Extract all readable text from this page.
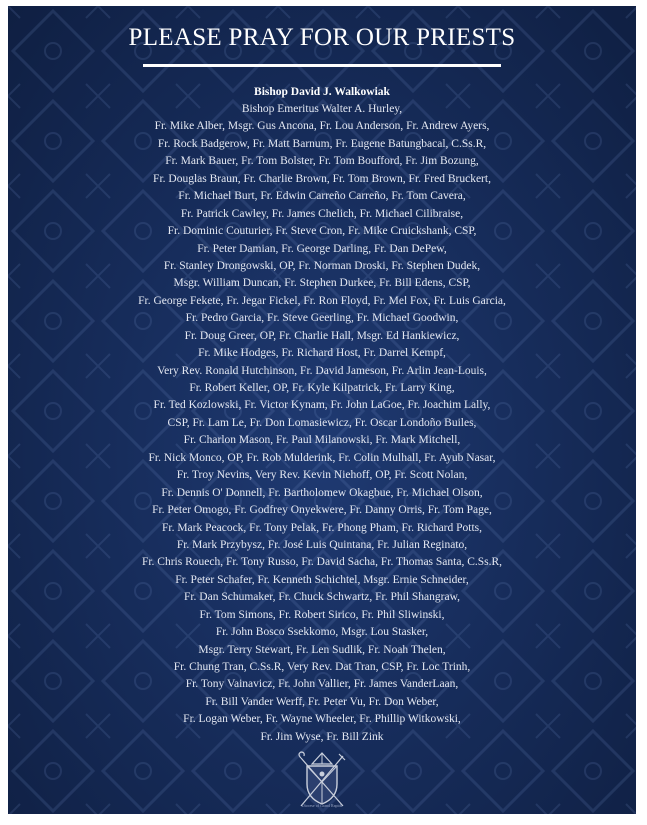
PLEASE PRAY FOR OUR PRIESTS
Bishop David J. Walkowiak
Bishop Emeritus Walter A. Hurley,
Fr. Mike Alber, Msgr. Gus Ancona, Fr. Lou Anderson, Fr. Andrew Ayers,
Fr. Rock Badgerow, Fr. Matt Barnum, Fr. Eugene Batungbacal, C.Ss.R,
Fr. Mark Bauer, Fr. Tom Bolster, Fr. Tom Boufford, Fr. Jim Bozung,
Fr. Douglas Braun, Fr. Charlie Brown, Fr. Tom Brown, Fr. Fred Bruckert,
Fr. Michael Burt, Fr. Edwin Carreño Carreño, Fr. Tom Cavera,
Fr. Patrick Cawley, Fr. James Chelich, Fr. Michael Cilibraise,
Fr. Dominic Couturier, Fr. Steve Cron, Fr. Mike Cruickshank, CSP,
Fr. Peter Damian, Fr. George Darling, Fr. Dan DePew,
Fr. Stanley Drongowski, OP, Fr. Norman Droski, Fr. Stephen Dudek,
Msgr. William Duncan, Fr. Stephen Durkee, Fr. Bill Edens, CSP,
Fr. George Fekete, Fr. Jegar Fickel, Fr. Ron Floyd, Fr. Mel Fox, Fr. Luis Garcia,
Fr. Pedro Garcia, Fr. Steve Geerling, Fr. Michael Goodwin,
Fr. Doug Greer, OP, Fr. Charlie Hall, Msgr. Ed Hankiewicz,
Fr. Mike Hodges, Fr. Richard Host, Fr. Darrel Kempf,
Very Rev. Ronald Hutchinson, Fr. David Jameson, Fr. Arlin Jean-Louis,
Fr. Robert Keller, OP, Fr. Kyle Kilpatrick, Fr. Larry King,
Fr. Ted Kozlowski, Fr. Victor Kynam, Fr. John LaGoe, Fr. Joachim Lally,
CSP, Fr. Lam Le, Fr. Don Lomasiewicz, Fr. Oscar Londoño Builes,
Fr. Charlon Mason, Fr. Paul Milanowski, Fr. Mark Mitchell,
Fr. Nick Monco, OP, Fr. Rob Mulderink, Fr. Colin Mulhall, Fr. Ayub Nasar,
Fr. Troy Nevins, Very Rev. Kevin Niehoff, OP, Fr. Scott Nolan,
Fr. Dennis O' Donnell, Fr. Bartholomew Okagbue, Fr. Michael Olson,
Fr. Peter Omogo, Fr. Godfrey Onyekwere, Fr. Danny Orris, Fr. Tom Page,
Fr. Mark Peacock, Fr. Tony Pelak, Fr. Phong Pham, Fr. Richard Potts,
Fr. Mark Przybysz, Fr. José Luis Quintana, Fr. Julian Reginato,
Fr. Chris Rouech, Fr. Tony Russo, Fr. David Sacha, Fr. Thomas Santa, C.Ss.R,
Fr. Peter Schafer, Fr. Kenneth Schichtel, Msgr. Ernie Schneider,
Fr. Dan Schumaker, Fr. Chuck Schwartz, Fr. Phil Shangraw,
Fr. Tom Simons, Fr. Robert Sirico, Fr. Phil Sliwinski,
Fr. John Bosco Ssekkomo, Msgr. Lou Stasker,
Msgr. Terry Stewart, Fr. Len Sudlik, Fr. Noah Thelen,
Fr. Chung Tran, C.Ss.R, Very Rev. Dat Tran, CSP, Fr. Loc Trinh,
Fr. Tony Vainavicz, Fr. John Vallier, Fr. James VanderLaan,
Fr. Bill Vander Werff, Fr. Peter Vu, Fr. Don Weber,
Fr. Logan Weber, Fr. Wayne Wheeler, Fr. Phillip Witkowski,
Fr. Jim Wyse, Fr. Bill Zink
Diocese of Grand Rapids
